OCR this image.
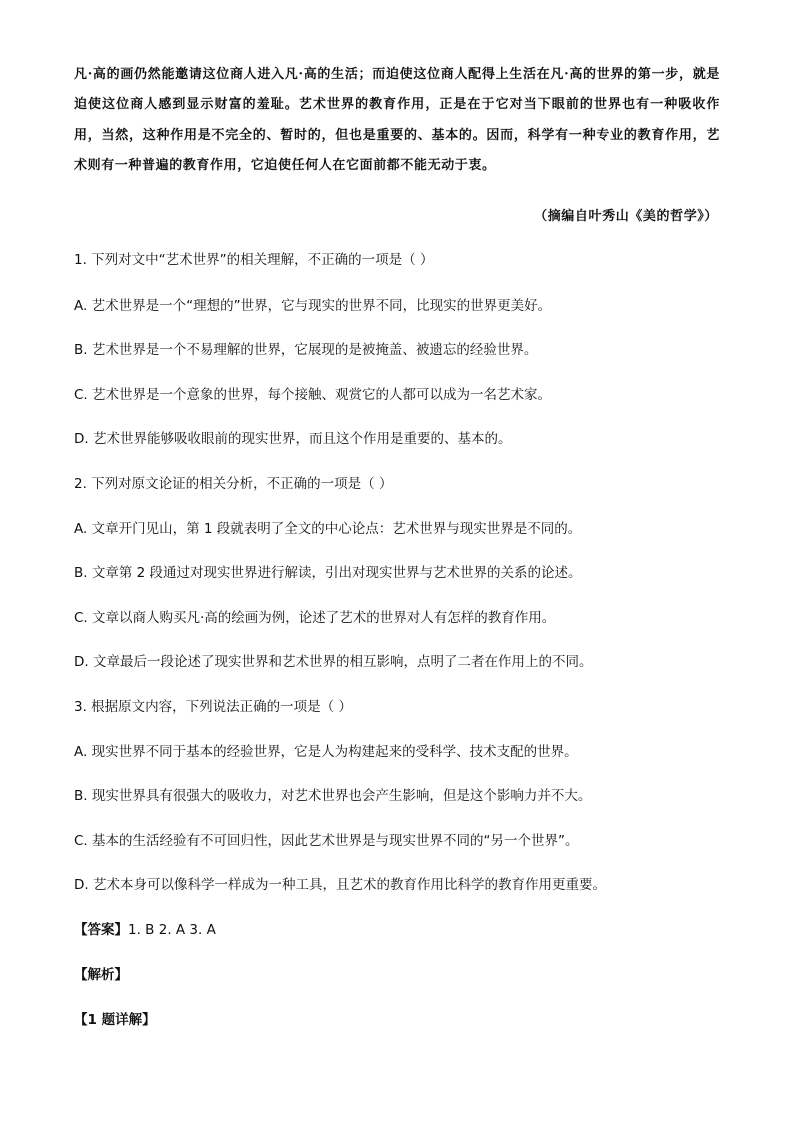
凡·高的画仍然能邀请这位商人进入凡·高的生活；而迫使这位商人配得上生活在凡·高的世界的第一步，就是迫使这位商人感到显示财富的羞耻。艺术世界的教育作用，正是在于它对当下眼前的世界也有一种吸收作用，当然，这种作用是不完全的、暂时的，但也是重要的、基本的。因而，科学有一种专业的教育作用，艺术则有一种普遍的教育作用，它迫使任何人在它面前都不能无动于衷。
（摘编自叶秀山《美的哲学》）
1. 下列对文中“艺术世界”的相关理解，不正确的一项是（ ）
A. 艺术世界是一个“理想的”世界，它与现实的世界不同，比现实的世界更美好。
B. 艺术世界是一个不易理解的世界，它展现的是被掩盖、被遗忘的经验世界。
C. 艺术世界是一个意象的世界，每个接触、观赏它的人都可以成为一名艺术家。
D. 艺术世界能够吸收眼前的现实世界，而且这个作用是重要的、基本的。
2. 下列对原文论证的相关分析，不正确的一项是（ ）
A. 文章开门见山，第 1 段就表明了全文的中心论点：艺术世界与现实世界是不同的。
B. 文章第 2 段通过对现实世界进行解读，引出对现实世界与艺术世界的关系的论述。
C. 文章以商人购买凡·高的绘画为例，论述了艺术的世界对人有怎样的教育作用。
D. 文章最后一段论述了现实世界和艺术世界的相互影响，点明了二者在作用上的不同。
3. 根据原文内容，下列说法正确的一项是（ ）
A. 现实世界不同于基本的经验世界，它是人为构建起来的受科学、技术支配的世界。
B. 现实世界具有很强大的吸收力，对艺术世界也会产生影响，但是这个影响力并不大。
C. 基本的生活经验有不可回归性，因此艺术世界是与现实世界不同的“另一个世界”。
D. 艺术本身可以像科学一样成为一种工具，且艺术的教育作用比科学的教育作用更重要。
【答案】1. B 2. A 3. A
【解析】
【1 题详解】
